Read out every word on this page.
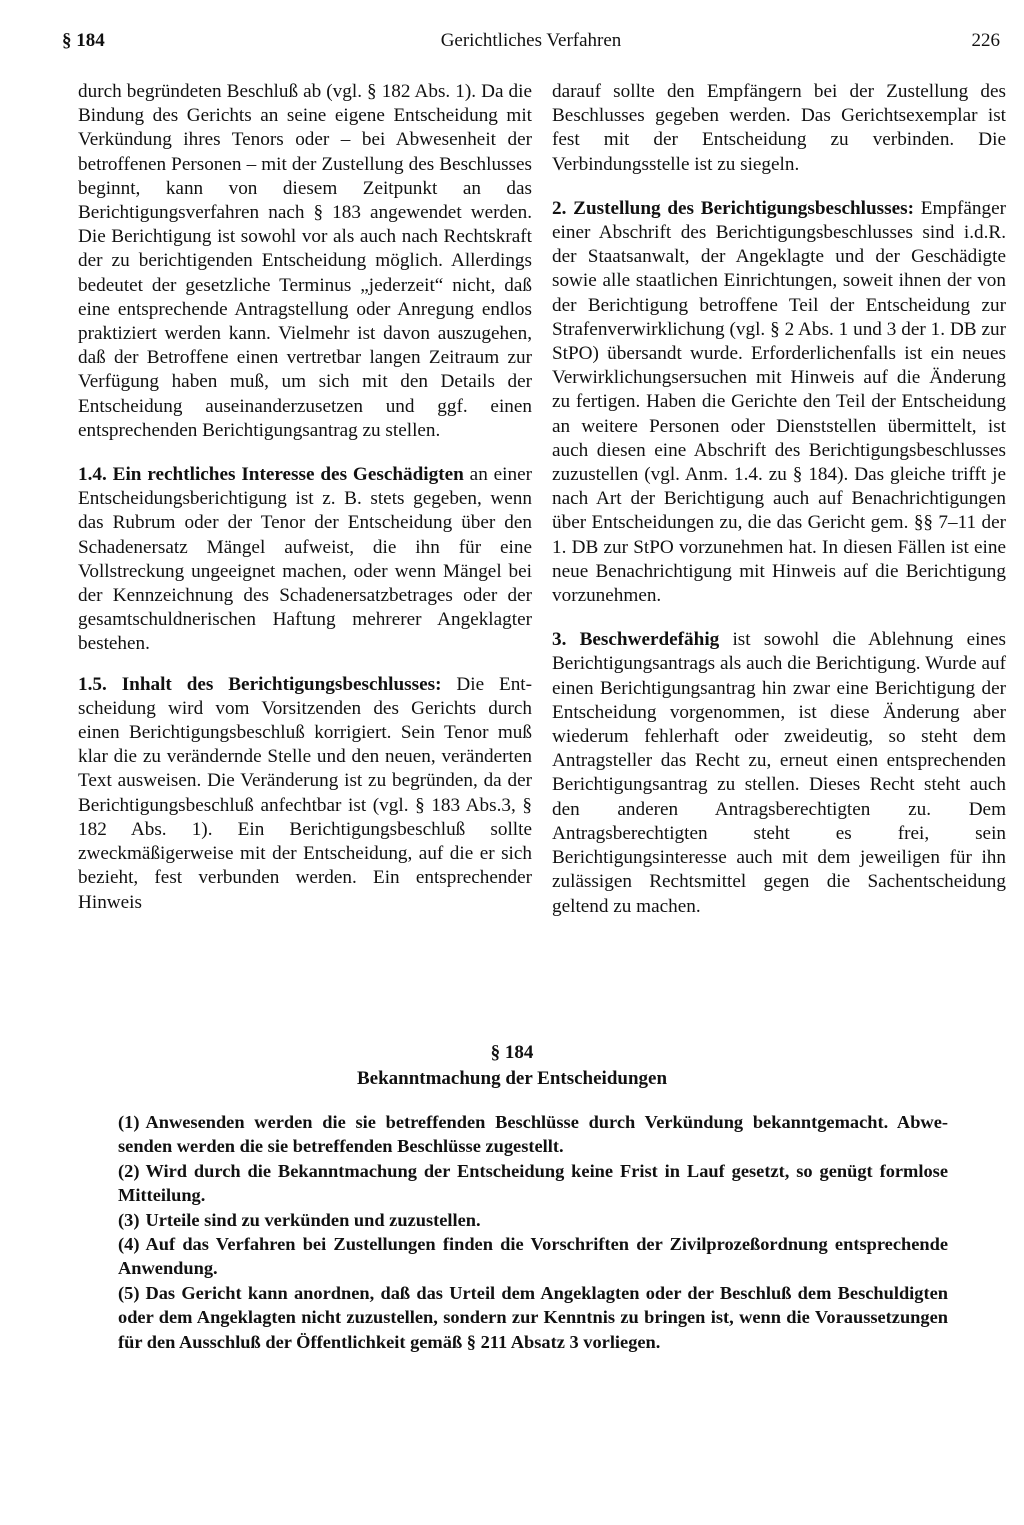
§ 184	Gerichtliches Verfahren	226

durch begründeten Beschluß ab (vgl. § 182 Abs. 1). Da die Bindung des Gerichts an seine eigene Entscheidung mit Verkündung ihres Tenors oder – bei Abwesenheit der betroffenen Personen – mit der Zustellung des Beschlusses beginnt, kann von diesem Zeitpunkt an das Berichtigungsverfahren nach § 183 angewendet werden. Die Berichtigung ist sowohl vor als auch nach Rechtskraft der zu berichtigenden Entscheidung möglich. Allerdings bedeutet der gesetzliche Terminus „jederzeit“ nicht, daß eine entsprechende Antragstellung oder Anregung endlos praktiziert werden kann. Vielmehr ist davon auszugehen, daß der Betroffene einen vertretbar langen Zeitraum zur Verfügung haben muß, um sich mit den Details der Entscheidung auseinanderzusetzen und ggf. einen entsprechenden Berichtigungsantrag zu stellen.

1.4. Ein rechtliches Interesse des Geschädigten an einer Entscheidungsberichtigung ist z. B. stets gegeben, wenn das Rubrum oder der Tenor der Entscheidung über den Schadenersatz Mängel aufweist, die ihn für eine Vollstreckung ungeeignet machen, oder wenn Mängel bei der Kennzeichnung des Schadenersatzbetrages oder der gesamtschuldnerischen Haftung mehrerer Angeklagter bestehen.

1.5. Inhalt des Berichtigungsbeschlusses: Die Entscheidung wird vom Vorsitzenden des Gerichts durch einen Berichtigungsbeschluß korrigiert. Sein Tenor muß klar die zu verändernde Stelle und den neuen, veränderten Text ausweisen. Die Veränderung ist zu begründen, da der Berichtigungsbeschluß anfechtbar ist (vgl. § 183 Abs.3, § 182 Abs. 1). Ein Berichtigungsbeschluß sollte zweckmäßigerweise mit der Entscheidung, auf die er sich bezieht, fest verbunden werden. Ein entsprechender Hinweis

darauf sollte den Empfängern bei der Zustellung des Beschlusses gegeben werden. Das Gerichtsexemplar ist fest mit der Entscheidung zu verbinden. Die Verbindungsstelle ist zu siegeln.

2. Zustellung des Berichtigungsbeschlusses: Empfänger einer Abschrift des Berichtigungsbeschlusses sind i.d.R. der Staatsanwalt, der Angeklagte und der Geschädigte sowie alle staatlichen Einrichtungen, soweit ihnen der von der Berichtigung betroffene Teil der Entscheidung zur Strafenverwirklichung (vgl. § 2 Abs. 1 und 3 der 1. DB zur StPO) übersandt wurde. Erforderlichenfalls ist ein neues Verwirklichungsersuchen mit Hinweis auf die Änderung zu fertigen. Haben die Gerichte den Teil der Entscheidung an weitere Personen oder Dienststellen übermittelt, ist auch diesen eine Abschrift des Berichtigungsbeschlusses zuzustellen (vgl. Anm. 1.4. zu § 184). Das gleiche trifft je nach Art der Berichtigung auch auf Benachrichtigungen über Entscheidungen zu, die das Gericht gem. §§ 7–11 der 1. DB zur StPO vorzunehmen hat. In diesen Fällen ist eine neue Benachrichtigung mit Hinweis auf die Berichtigung vorzunehmen.

3. Beschwerdefähig ist sowohl die Ablehnung eines Berichtigungsantrags als auch die Berichtigung. Wurde auf einen Berichtigungsantrag hin zwar eine Berichtigung der Entscheidung vorgenommen, ist diese Änderung aber wiederum fehlerhaft oder zweideutig, so steht dem Antragsteller das Recht zu, erneut einen entsprechenden Berichtigungsantrag zu stellen. Dieses Recht steht auch den anderen Antragsberechtigten zu. Dem Antragsberechtigten steht es frei, sein Berichtigungsinteresse auch mit dem jeweiligen für ihn zulässigen Rechtsmittel gegen die Sachentscheidung geltend zu machen.

§ 184
Bekanntmachung der Entscheidungen

(1) Anwesenden werden die sie betreffenden Beschlüsse durch Verkündung bekanntgemacht. Abwesenden werden die sie betreffenden Beschlüsse zugestellt.

(2) Wird durch die Bekanntmachung der Entscheidung keine Frist in Lauf gesetzt, so genügt formlose Mitteilung.

(3) Urteile sind zu verkünden und zuzustellen.

(4) Auf das Verfahren bei Zustellungen finden die Vorschriften der Zivilprozeßordnung entsprechende Anwendung.

(5) Das Gericht kann anordnen, daß das Urteil dem Angeklagten oder der Beschluß dem Beschuldigten oder dem Angeklagten nicht zuzustellen, sondern zur Kenntnis zu bringen ist, wenn die Voraussetzungen für den Ausschluß der Öffentlichkeit gemäß § 211 Absatz 3 vorliegen.
